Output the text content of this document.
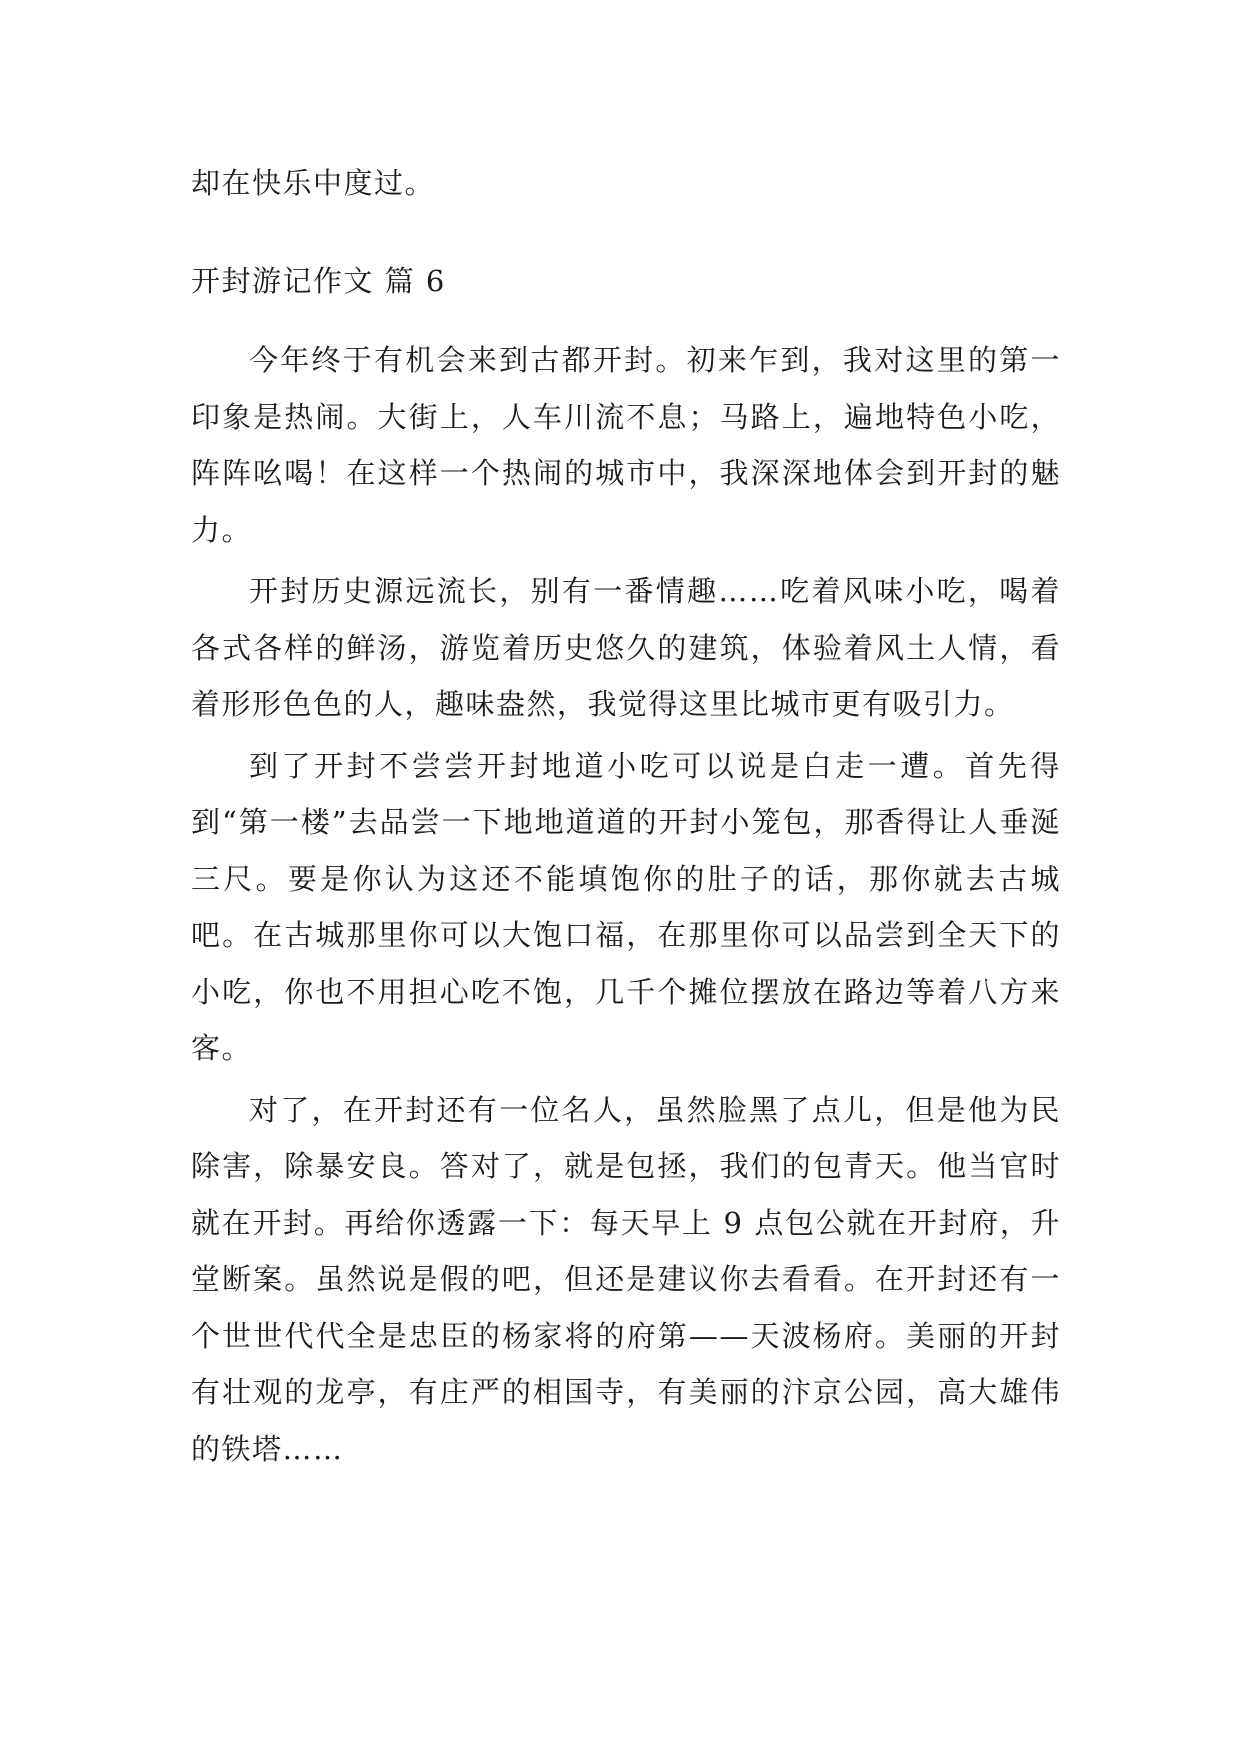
却在快乐中度过。

开封游记作文 篇 6

今年终于有机会来到古都开封。初来乍到，我对这里的第一印象是热闹。大街上，人车川流不息；马路上，遍地特色小吃，阵阵吆喝！在这样一个热闹的城市中，我深深地体会到开封的魅力。

开封历史源远流长，别有一番情趣……吃着风味小吃，喝着各式各样的鲜汤，游览着历史悠久的建筑，体验着风土人情，看着形形色色的人，趣味盎然，我觉得这里比城市更有吸引力。

到了开封不尝尝开封地道小吃可以说是白走一遭。首先得到“第一楼”去品尝一下地地道道的开封小笼包，那香得让人垂涎三尺。要是你认为这还不能填饱你的肚子的话，那你就去古城吧。在古城那里你可以大饱口福，在那里你可以品尝到全天下的小吃，你也不用担心吃不饱，几千个摊位摆放在路边等着八方来客。

对了，在开封还有一位名人，虽然脸黑了点儿，但是他为民除害，除暴安良。答对了，就是包拯，我们的包青天。他当官时就在开封。再给你透露一下：每天早上 9 点包公就在开封府，升堂断案。虽然说是假的吧，但还是建议你去看看。在开封还有一个世世代代全是忠臣的杨家将的府第——天波杨府。美丽的开封有壮观的龙亭，有庄严的相国寺，有美丽的汴京公园，高大雄伟的铁塔……
